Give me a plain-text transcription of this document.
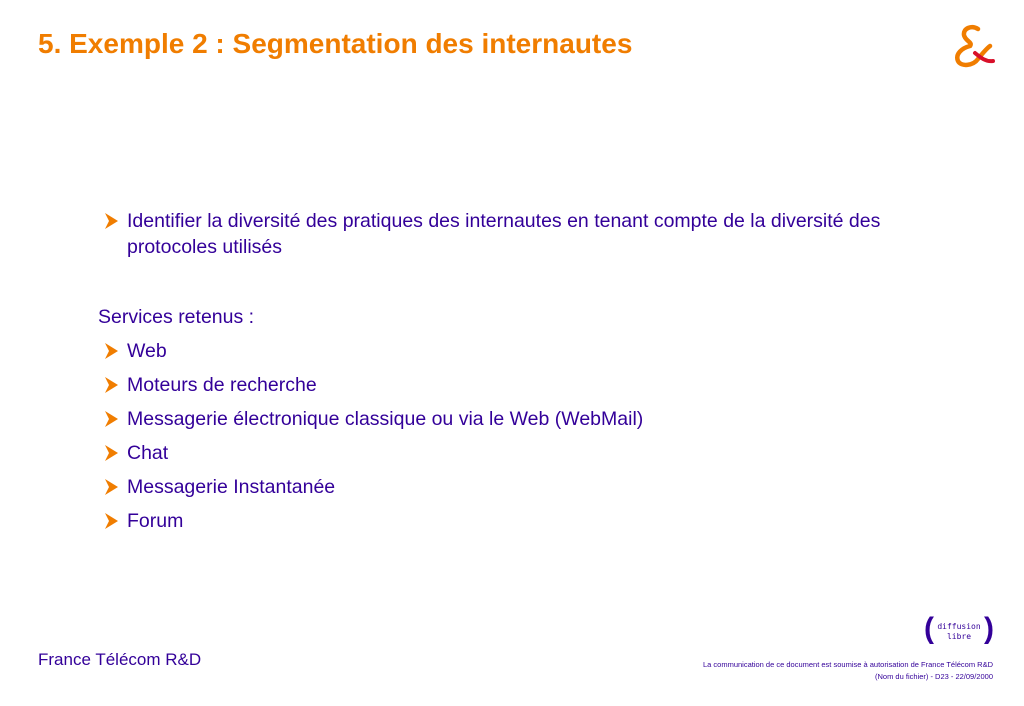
5. Exemple 2 : Segmentation des internautes
Identifier la diversité des pratiques des internautes en tenant compte de la diversité des protocoles utilisés
Services retenus :
Web
Moteurs de recherche
Messagerie électronique classique ou via le Web (WebMail)
Chat
Messagerie Instantanée
Forum
France Télécom R&D
( diffusion
libre )
La communication de ce document est soumise à autorisation de France Télécom R&D
(Nom du fichier) - D23 - 22/09/2000
